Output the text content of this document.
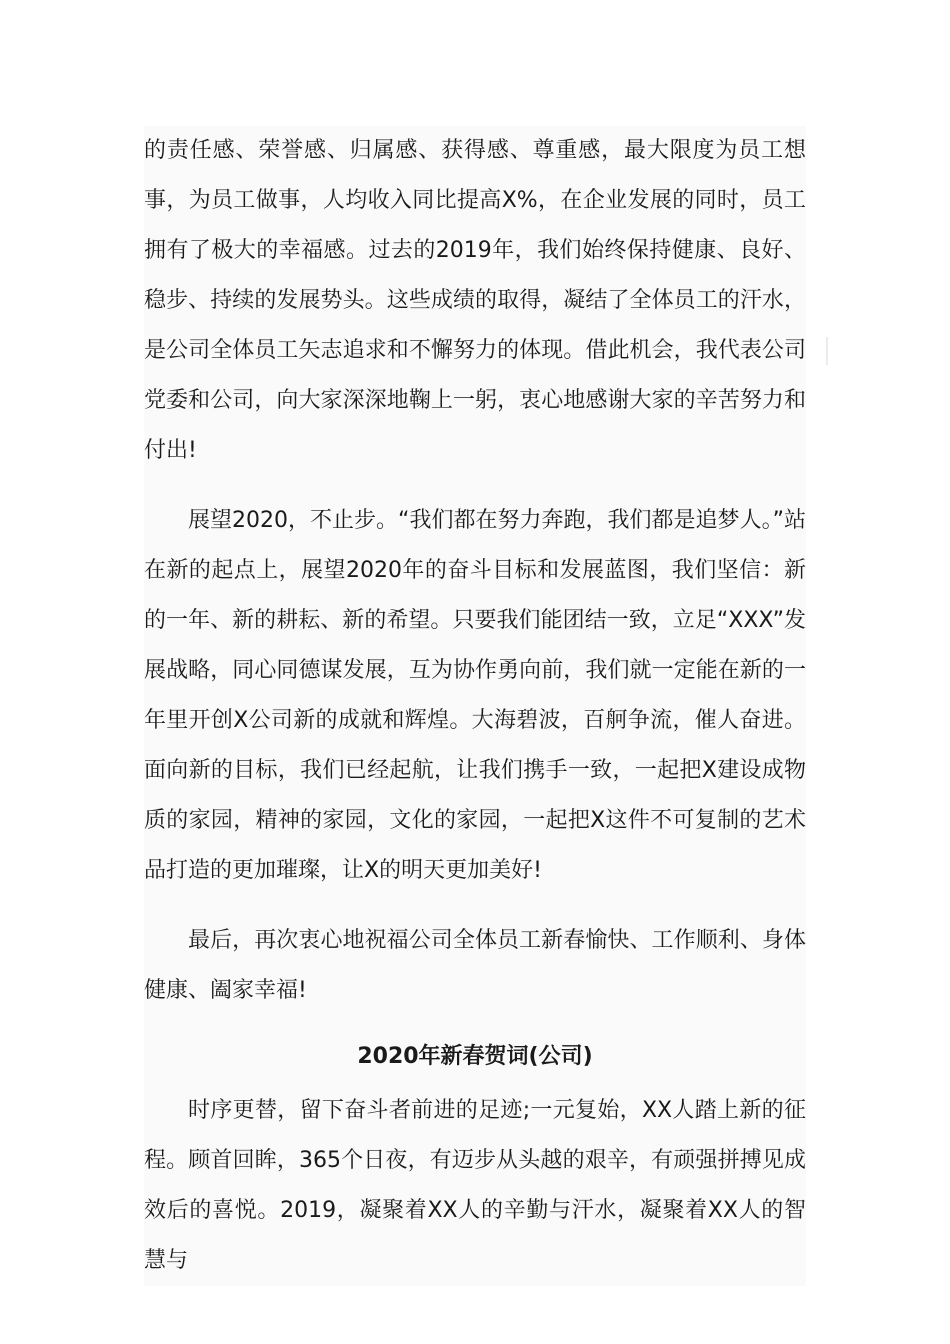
的责任感、荣誉感、归属感、获得感、尊重感，最大限度为员工想事，为员工做事，人均收入同比提高X%，在企业发展的同时，员工拥有了极大的幸福感。过去的2019年，我们始终保持健康、良好、稳步、持续的发展势头。这些成绩的取得，凝结了全体员工的汗水，是公司全体员工矢志追求和不懈努力的体现。借此机会，我代表公司党委和公司，向大家深深地鞠上一躬，衷心地感谢大家的辛苦努力和付出!

展望2020，不止步。“我们都在努力奔跑，我们都是追梦人。”站在新的起点上，展望2020年的奋斗目标和发展蓝图，我们坚信：新的一年、新的耕耘、新的希望。只要我们能团结一致，立足“XXX”发展战略，同心同德谋发展，互为协作勇向前，我们就一定能在新的一年里开创X公司新的成就和辉煌。大海碧波，百舸争流，催人奋进。面向新的目标，我们已经起航，让我们携手一致，一起把X建设成物质的家园，精神的家园，文化的家园，一起把X这件不可复制的艺术品打造的更加璀璨，让X的明天更加美好!

最后，再次衷心地祝福公司全体员工新春愉快、工作顺利、身体健康、阖家幸福!

2020年新春贺词(公司)

时序更替，留下奋斗者前进的足迹;一元复始，XX人踏上新的征程。顾首回眸，365个日夜，有迈步从头越的艰辛，有顽强拼搏见成效后的喜悦。2019，凝聚着XX人的辛勤与汗水，凝聚着XX人的智慧与
